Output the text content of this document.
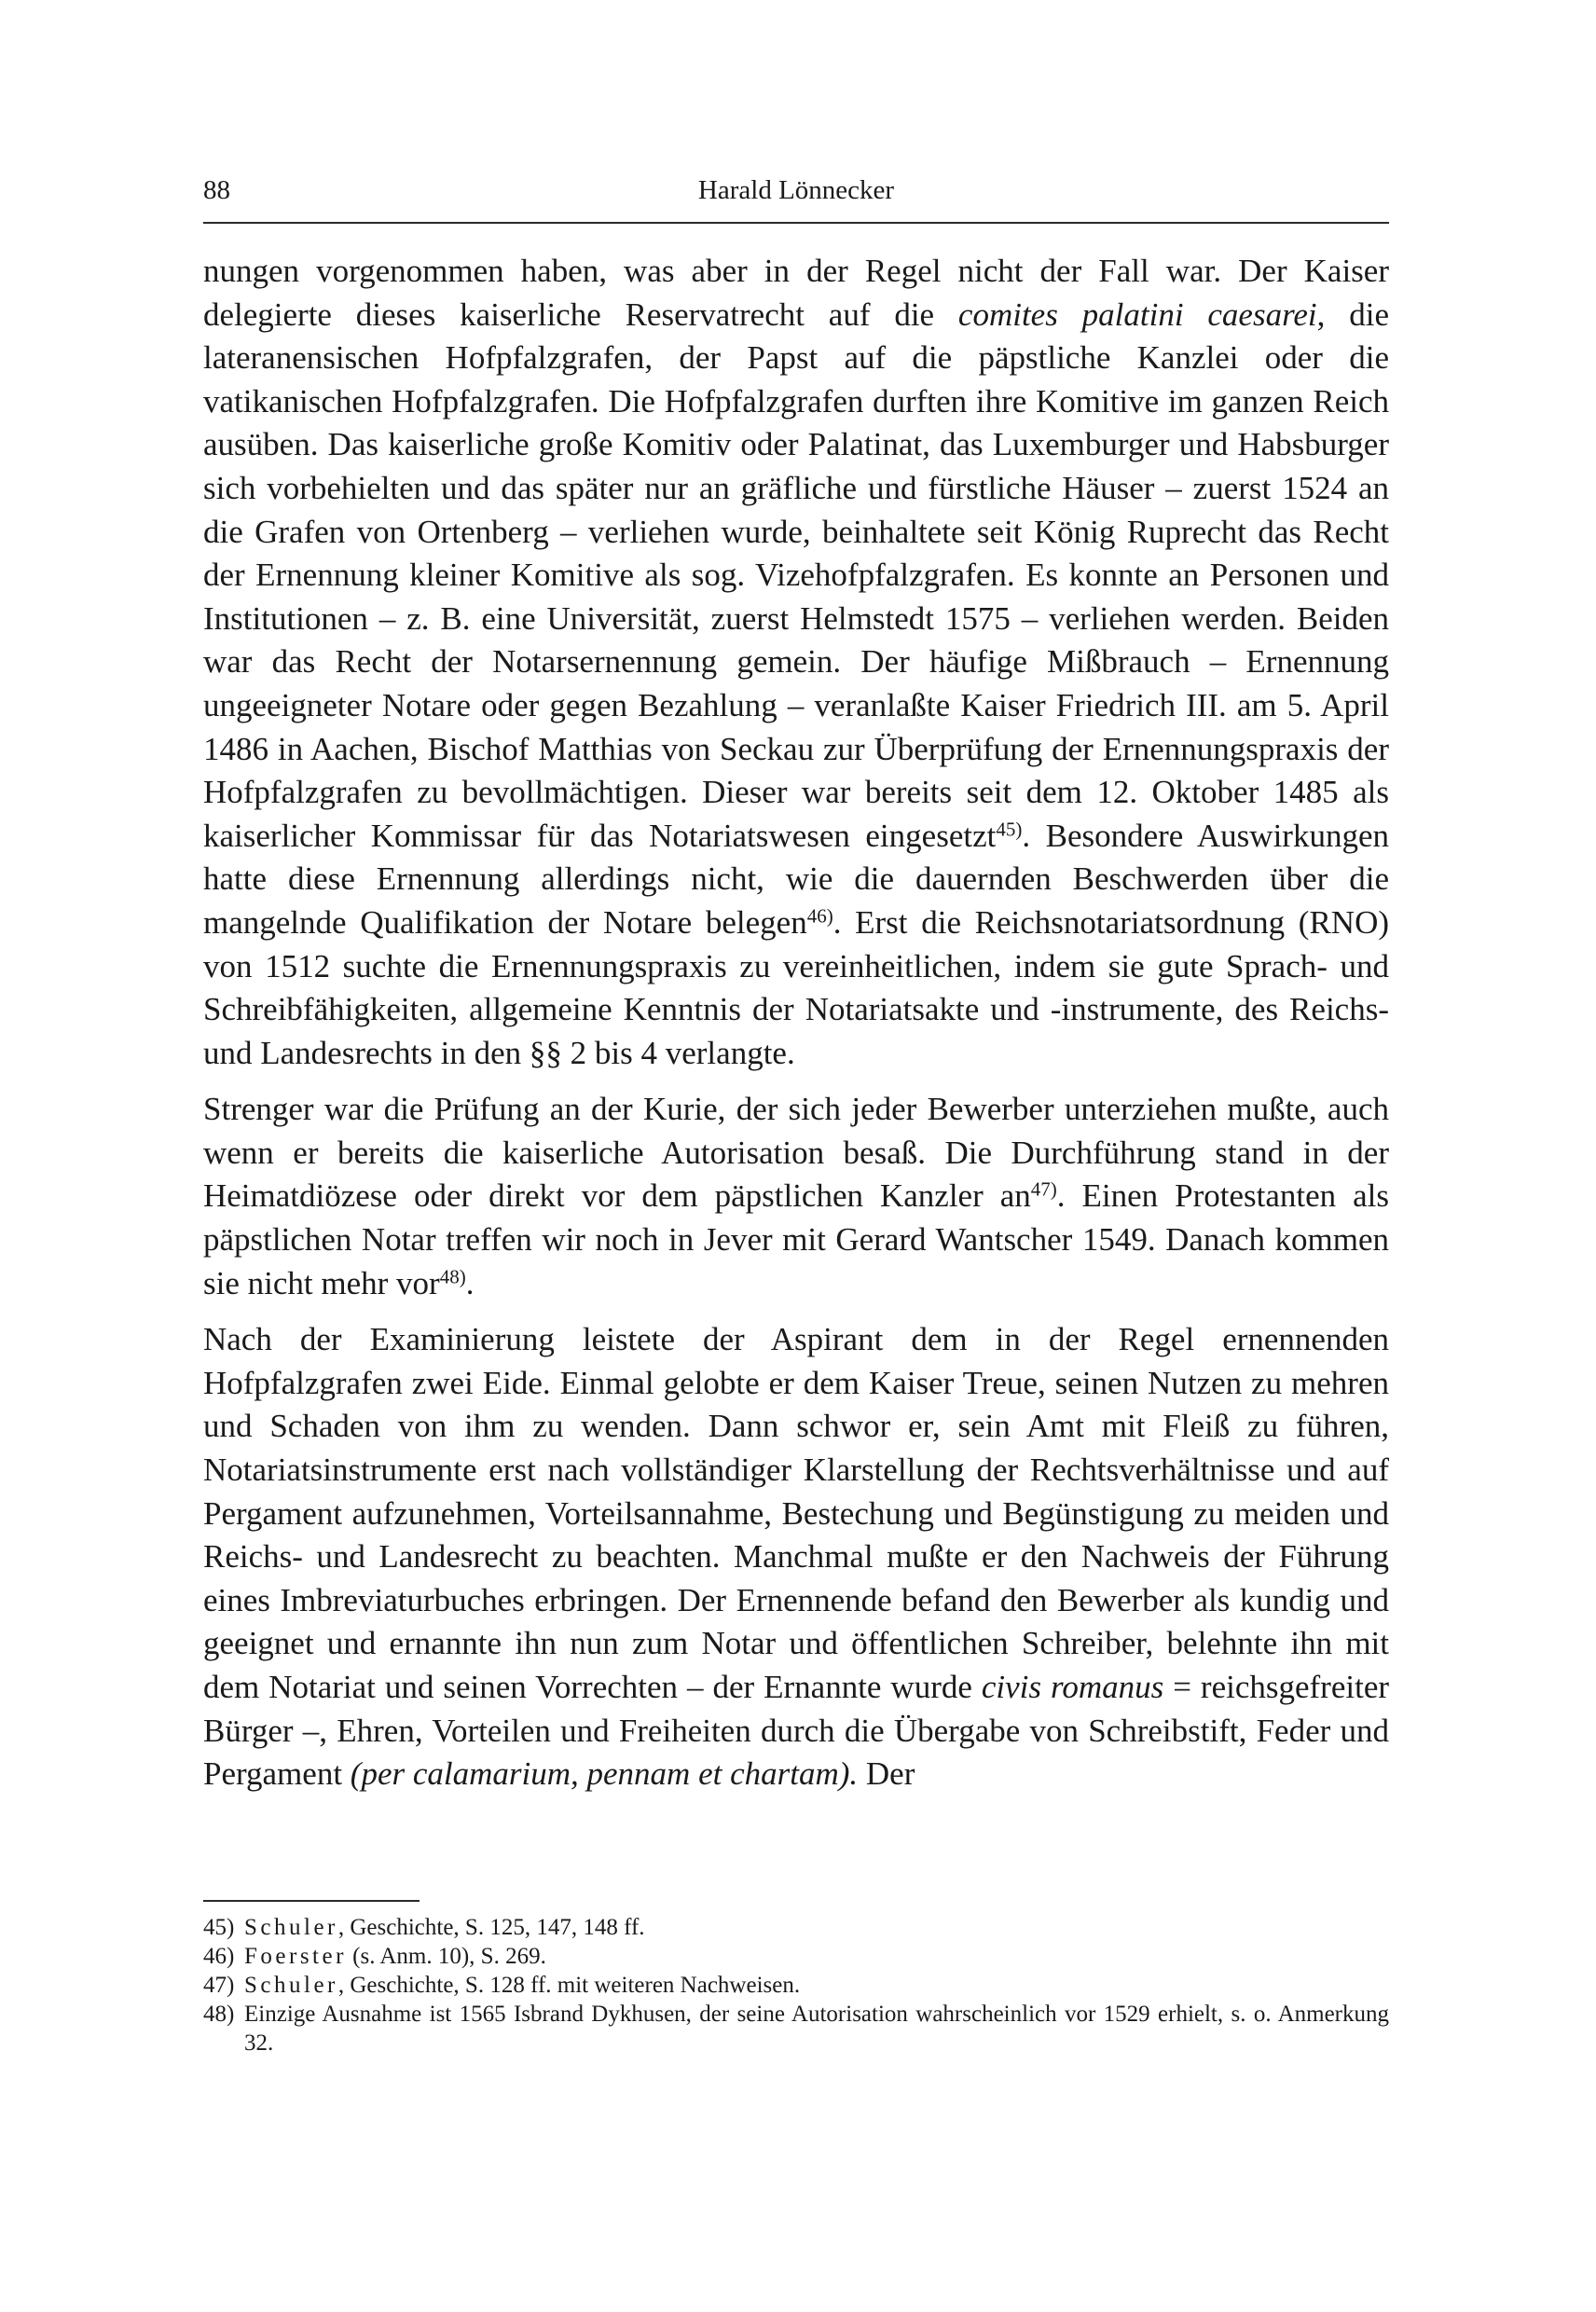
88	Harald Lönnecker

nungen vorgenommen haben, was aber in der Regel nicht der Fall war. Der Kaiser delegierte dieses kaiserliche Reservatrecht auf die comites palatini caesarei, die lateranensischen Hofpfalzgrafen, der Papst auf die päpstliche Kanzlei oder die vatikanischen Hofpfalzgrafen. Die Hofpfalzgrafen durften ihre Komitive im ganzen Reich ausüben. Das kaiserliche große Komitiv oder Palatinat, das Luxemburger und Habsburger sich vorbehielten und das später nur an gräfliche und fürstliche Häuser – zuerst 1524 an die Grafen von Ortenberg – verliehen wurde, beinhaltete seit König Ruprecht das Recht der Ernennung kleiner Komitive als sog. Vizehofpfalzgrafen. Es konnte an Personen und Institutionen – z. B. eine Universität, zuerst Helmstedt 1575 – verliehen werden. Beiden war das Recht der Notarsernennung gemein. Der häufige Mißbrauch – Ernennung ungeeigneter Notare oder gegen Bezahlung – veranlaßte Kaiser Friedrich III. am 5. April 1486 in Aachen, Bischof Matthias von Seckau zur Überprüfung der Ernennungspraxis der Hofpfalzgrafen zu bevollmächtigen. Dieser war bereits seit dem 12. Oktober 1485 als kaiserlicher Kommissar für das Notariatswesen eingesetzt$^{45)}$. Besondere Auswirkungen hatte diese Ernennung allerdings nicht, wie die dauernden Beschwerden über die mangelnde Qualifikation der Notare belegen$^{46)}$. Erst die Reichsnotariatsordnung (RNO) von 1512 suchte die Ernennungspraxis zu vereinheitlichen, indem sie gute Sprach- und Schreibfähigkeiten, allgemeine Kenntnis der Notariatsakte und -instrumente, des Reichs- und Landesrechts in den §§ 2 bis 4 verlangte.

Strenger war die Prüfung an der Kurie, der sich jeder Bewerber unterziehen mußte, auch wenn er bereits die kaiserliche Autorisation besaß. Die Durchführung stand in der Heimatdiözese oder direkt vor dem päpstlichen Kanzler an$^{47)}$. Einen Protestanten als päpstlichen Notar treffen wir noch in Jever mit Gerard Wantscher 1549. Danach kommen sie nicht mehr vor$^{48)}$.

Nach der Examinierung leistete der Aspirant dem in der Regel ernennenden Hofpfalzgrafen zwei Eide. Einmal gelobte er dem Kaiser Treue, seinen Nutzen zu mehren und Schaden von ihm zu wenden. Dann schwor er, sein Amt mit Fleiß zu führen, Notariatsinstrumente erst nach vollständiger Klarstellung der Rechtsverhältnisse und auf Pergament aufzunehmen, Vorteilsannahme, Bestechung und Begünstigung zu meiden und Reichs- und Landesrecht zu beachten. Manchmal mußte er den Nachweis der Führung eines Imbreviaturbuches erbringen. Der Ernennende befand den Bewerber als kundig und geeignet und ernannte ihn nun zum Notar und öffentlichen Schreiber, belehnte ihn mit dem Notariat und seinen Vorrechten – der Ernannte wurde civis romanus = reichsgefreiter Bürger –, Ehren, Vorteilen und Freiheiten durch die Übergabe von Schreibstift, Feder und Pergament (per calamarium, pennam et chartam). Der

45) Schuler, Geschichte, S. 125, 147, 148 ff.
46) Foerster (s. Anm. 10), S. 269.
47) Schuler, Geschichte, S. 128 ff. mit weiteren Nachweisen.
48) Einzige Ausnahme ist 1565 Isbrand Dykhusen, der seine Autorisation wahrscheinlich vor 1529 erhielt, s. o. Anmerkung 32.
